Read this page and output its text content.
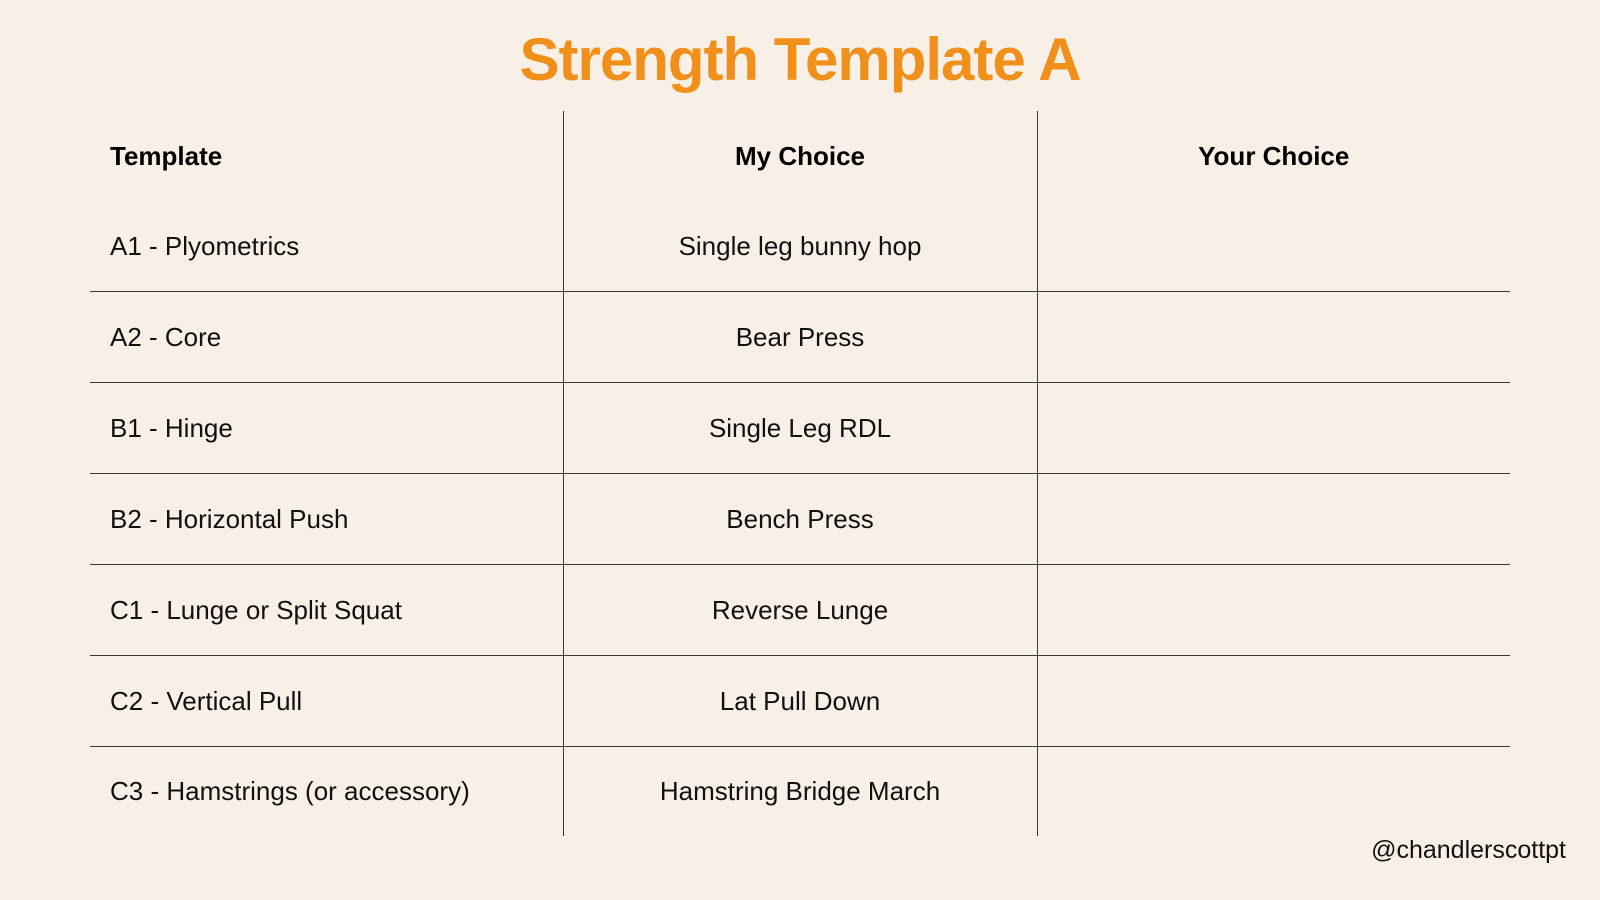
Strength Template A
Template	My Choice	Your Choice
A1 - Plyometrics	Single leg bunny hop	
A2 - Core	Bear Press	
B1 - Hinge	Single Leg RDL	
B2 - Horizontal Push	Bench Press	
C1 - Lunge or Split Squat	Reverse Lunge	
C2 - Vertical Pull	Lat Pull Down	
C3 - Hamstrings (or accessory)	Hamstring Bridge March	
@chandlerscottpt
